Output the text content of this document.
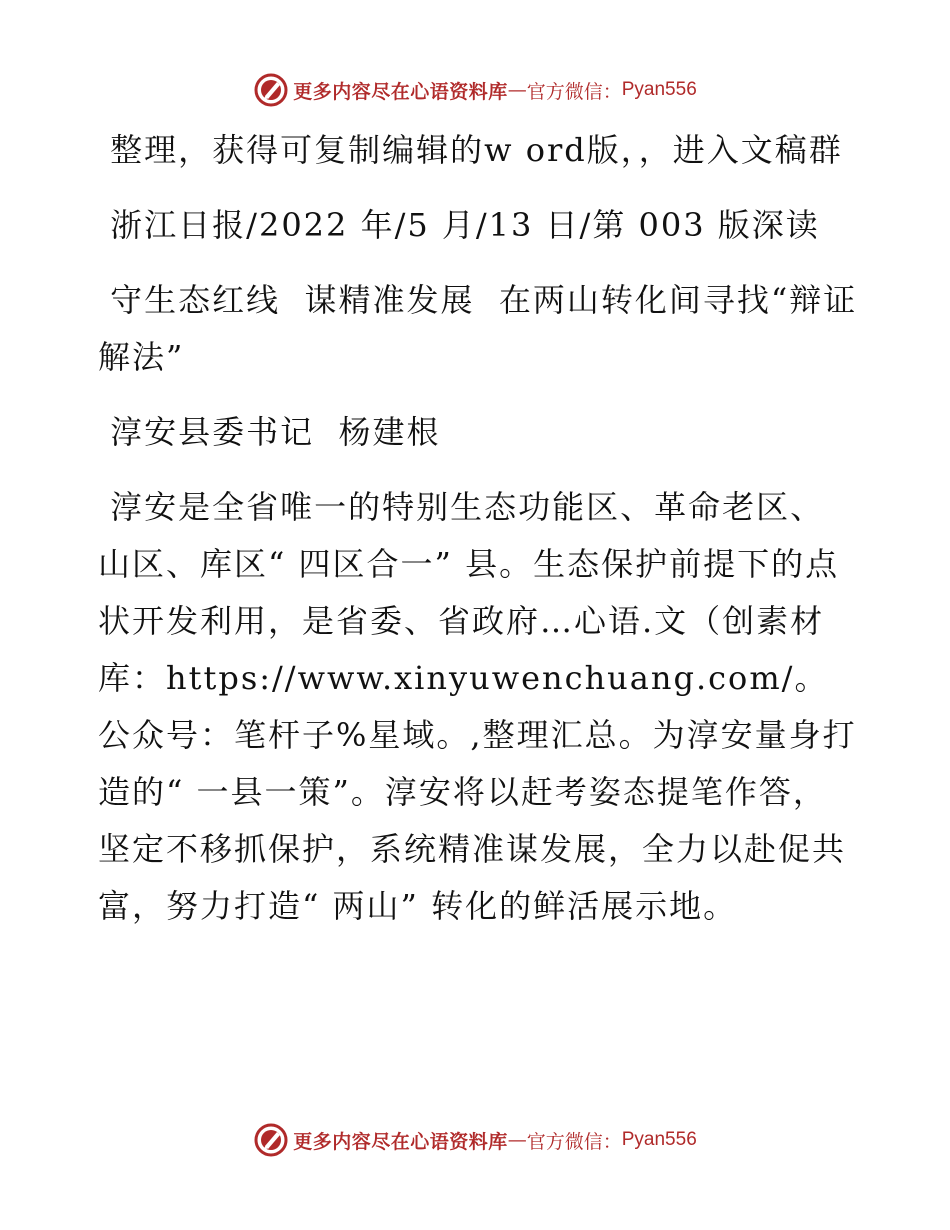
更多内容尽在心语资料库 — 官方微信： Pyan556

整理，获得可复制编辑的w ord版，，进入文稿群

浙江日报/2022 年/5 月/13 日/第 003 版深读

守生态红线  谋精准发展  在两山转化间寻找“辩证解法”

淳安县委书记  杨建根

淳安是全省唯一的特别生态功能区、革命老区、山区、库区“ 四区合一” 县。生态保护前提下的点状开发利用，是省委、省政府…心语.文（创素材库：https://www.xinyuwenchuang.com/。公众号：笔杆子%星域。,整理汇总。为淳安量身打造的“ 一县一策”。淳安将以赶考姿态提笔作答，坚定不移抓保护，系统精准谋发展，全力以赴促共富，努力打造“ 两山” 转化的鲜活展示地。

更多内容尽在心语资料库 — 官方微信： Pyan556
